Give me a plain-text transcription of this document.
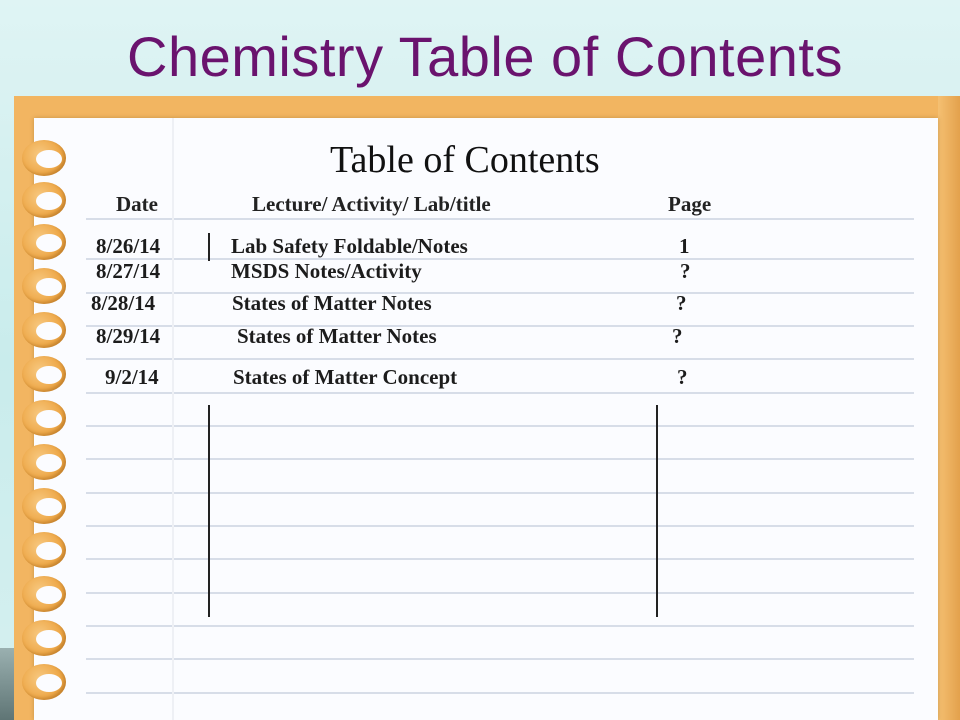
Chemistry Table of Contents
Table of Contents
Date	Lecture/ Activity/ Lab/title	Page
8/26/14	Lab Safety Foldable/Notes	1
8/27/14	MSDS Notes/Activity	?
8/28/14	States of Matter Notes	?
8/29/14	States of Matter Notes	?
9/2/14	States of Matter Concept	?
